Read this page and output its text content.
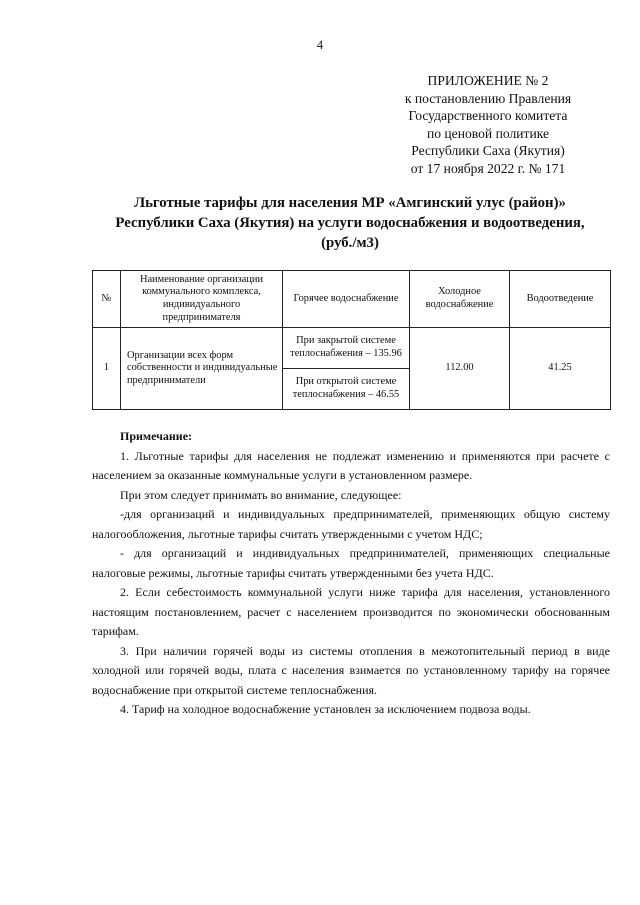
4
ПРИЛОЖЕНИЕ № 2
к постановлению Правления
Государственного комитета
по ценовой политике
Республики Саха (Якутия)
от 17 ноября 2022 г. № 171
Льготные тарифы для населения МР «Амгинский улус (район)»
Республики Саха (Якутия) на услуги водоснабжения и водоотведения,
(руб./м3)
№	Наименование организации коммунального комплекса, индивидуального предпринимателя	Горячее водоснабжение	Холодное водоснабжение	Водоотведение
1	Организации всех форм собственности и индивидуальные предприниматели	При закрытой системе теплоснабжения – 135.96	112.00	41.25
		При открытой системе теплоснабжения – 46.55		
Примечание:

1. Льготные тарифы для населения не подлежат изменению и применяются при расчете с населением за оказанные коммунальные услуги в установленном размере.

При этом следует принимать во внимание, следующее:

-для организаций и индивидуальных предпринимателей, применяющих общую систему налогообложения, льготные тарифы считать утвержденными с учетом НДС;

- для организаций и индивидуальных предпринимателей, применяющих специальные налоговые режимы, льготные тарифы считать утвержденными без учета НДС.

2. Если себестоимость коммунальной услуги ниже тарифа для населения, установленного настоящим постановлением, расчет с населением производится по экономически обоснованным тарифам.

3. При наличии горячей воды из системы отопления в межотопительный период в виде холодной или горячей воды, плата с населения взимается по установленному тарифу на горячее водоснабжение при открытой системе теплоснабжения.

4. Тариф на холодное водоснабжение установлен за исключением подвоза воды.
